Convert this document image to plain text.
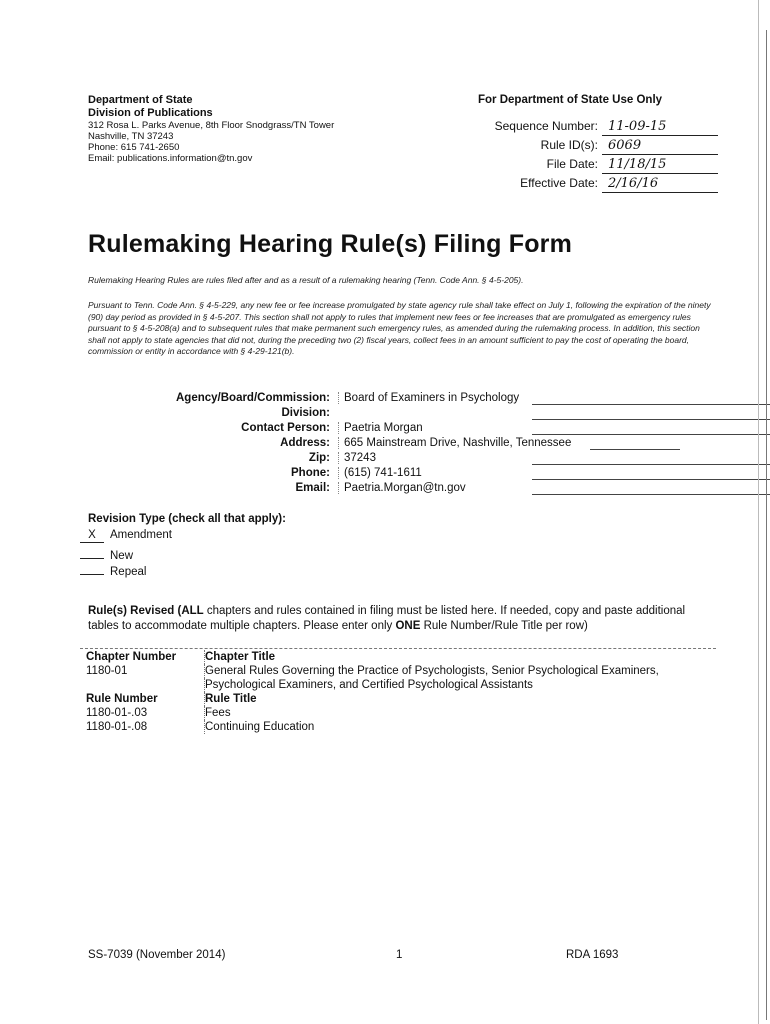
Department of State
Division of Publications
312 Rosa L. Parks Avenue, 8th Floor Snodgrass/TN Tower
Nashville, TN 37243
Phone: 615 741-2650
Email: publications.information@tn.gov
For Department of State Use Only
Sequence Number: 11-09-15
Rule ID(s): 6069
File Date: 11/18/15
Effective Date: 2/16/16
Rulemaking Hearing Rule(s) Filing Form
Rulemaking Hearing Rules are rules filed after and as a result of a rulemaking hearing (Tenn. Code Ann. § 4-5-205).
Pursuant to Tenn. Code Ann. § 4-5-229, any new fee or fee increase promulgated by state agency rule shall take effect on July 1, following the expiration of the ninety (90) day period as provided in § 4-5-207. This section shall not apply to rules that implement new fees or fee increases that are promulgated as emergency rules pursuant to § 4-5-208(a) and to subsequent rules that make permanent such emergency rules, as amended during the rulemaking process. In addition, this section shall not apply to state agencies that did not, during the preceding two (2) fiscal years, collect fees in an amount sufficient to pay the cost of operating the board, commission or entity in accordance with § 4-29-121(b).
Agency/Board/Commission:	Board of Examiners in Psychology
Division:
Contact Person:	Paetria Morgan
Address:	665 Mainstream Drive, Nashville, Tennessee
Zip:	37243
Phone:	(615) 741-1611
Email:	Paetria.Morgan@tn.gov
Revision Type (check all that apply):
X Amendment
New
Repeal
Rule(s) Revised (ALL chapters and rules contained in filing must be listed here. If needed, copy and paste additional tables to accommodate multiple chapters. Please enter only ONE Rule Number/Rule Title per row)
Chapter Number	Chapter Title
1180-01	General Rules Governing the Practice of Psychologists, Senior Psychological Examiners,
Psychological Examiners, and Certified Psychological Assistants
Rule Number	Rule Title
1180-01-.03	Fees
1180-01-.08	Continuing Education
SS-7039 (November 2014)	1	RDA 1693
